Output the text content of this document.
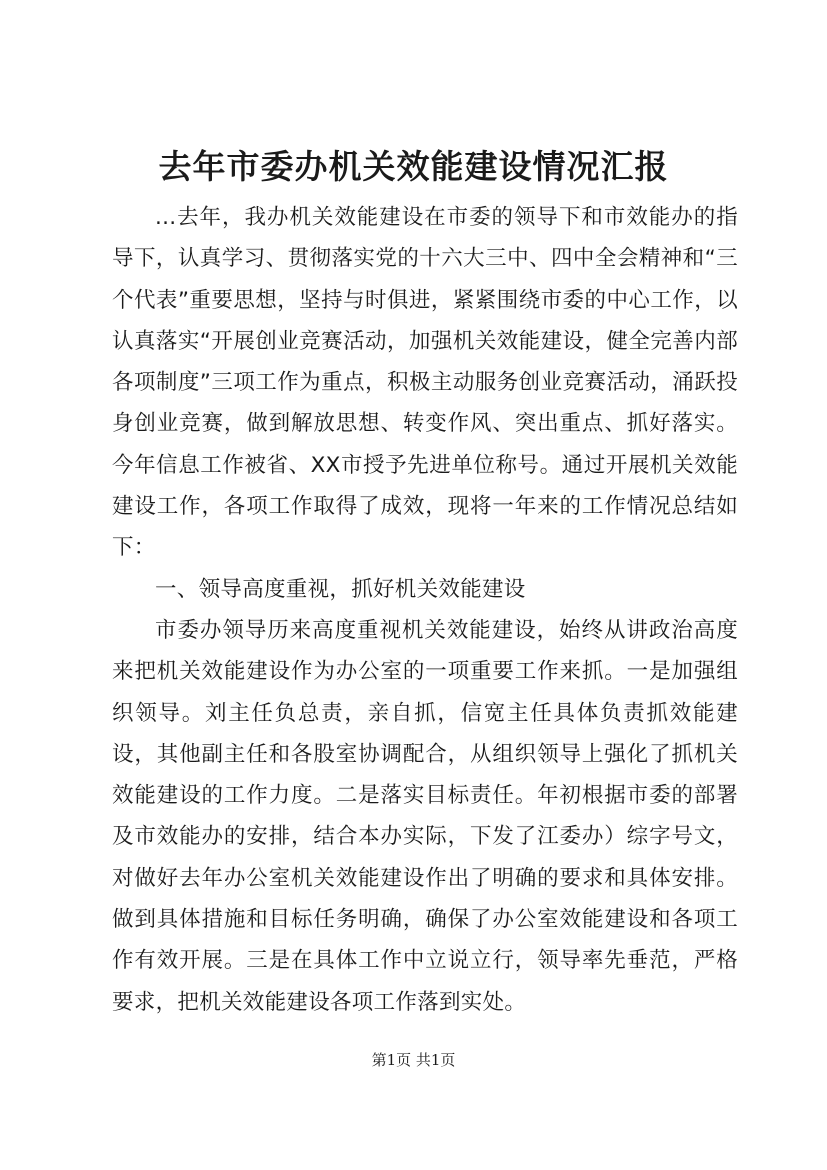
去年市委办机关效能建设情况汇报

...去年，我办机关效能建设在市委的领导下和市效能办的指导下，认真学习、贯彻落实党的十六大三中、四中全会精神和“三个代表”重要思想，坚持与时俱进，紧紧围绕市委的中心工作，以认真落实“开展创业竞赛活动，加强机关效能建设，健全完善内部各项制度”三项工作为重点，积极主动服务创业竞赛活动，涌跃投身创业竞赛，做到解放思想、转变作风、突出重点、抓好落实。今年信息工作被省、XX市授予先进单位称号。通过开展机关效能建设工作，各项工作取得了成效，现将一年来的工作情况总结如下：

一、领导高度重视，抓好机关效能建设

市委办领导历来高度重视机关效能建设，始终从讲政治高度来把机关效能建设作为办公室的一项重要工作来抓。一是加强组织领导。刘主任负总责，亲自抓，信宽主任具体负责抓效能建设，其他副主任和各股室协调配合，从组织领导上强化了抓机关效能建设的工作力度。二是落实目标责任。年初根据市委的部署及市效能办的安排，结合本办实际，下发了江委办）综字号文，对做好去年办公室机关效能建设作出了明确的要求和具体安排。做到具体措施和目标任务明确，确保了办公室效能建设和各项工作有效开展。三是在具体工作中立说立行，领导率先垂范，严格要求，把机关效能建设各项工作落到实处。

第1页 共1页
